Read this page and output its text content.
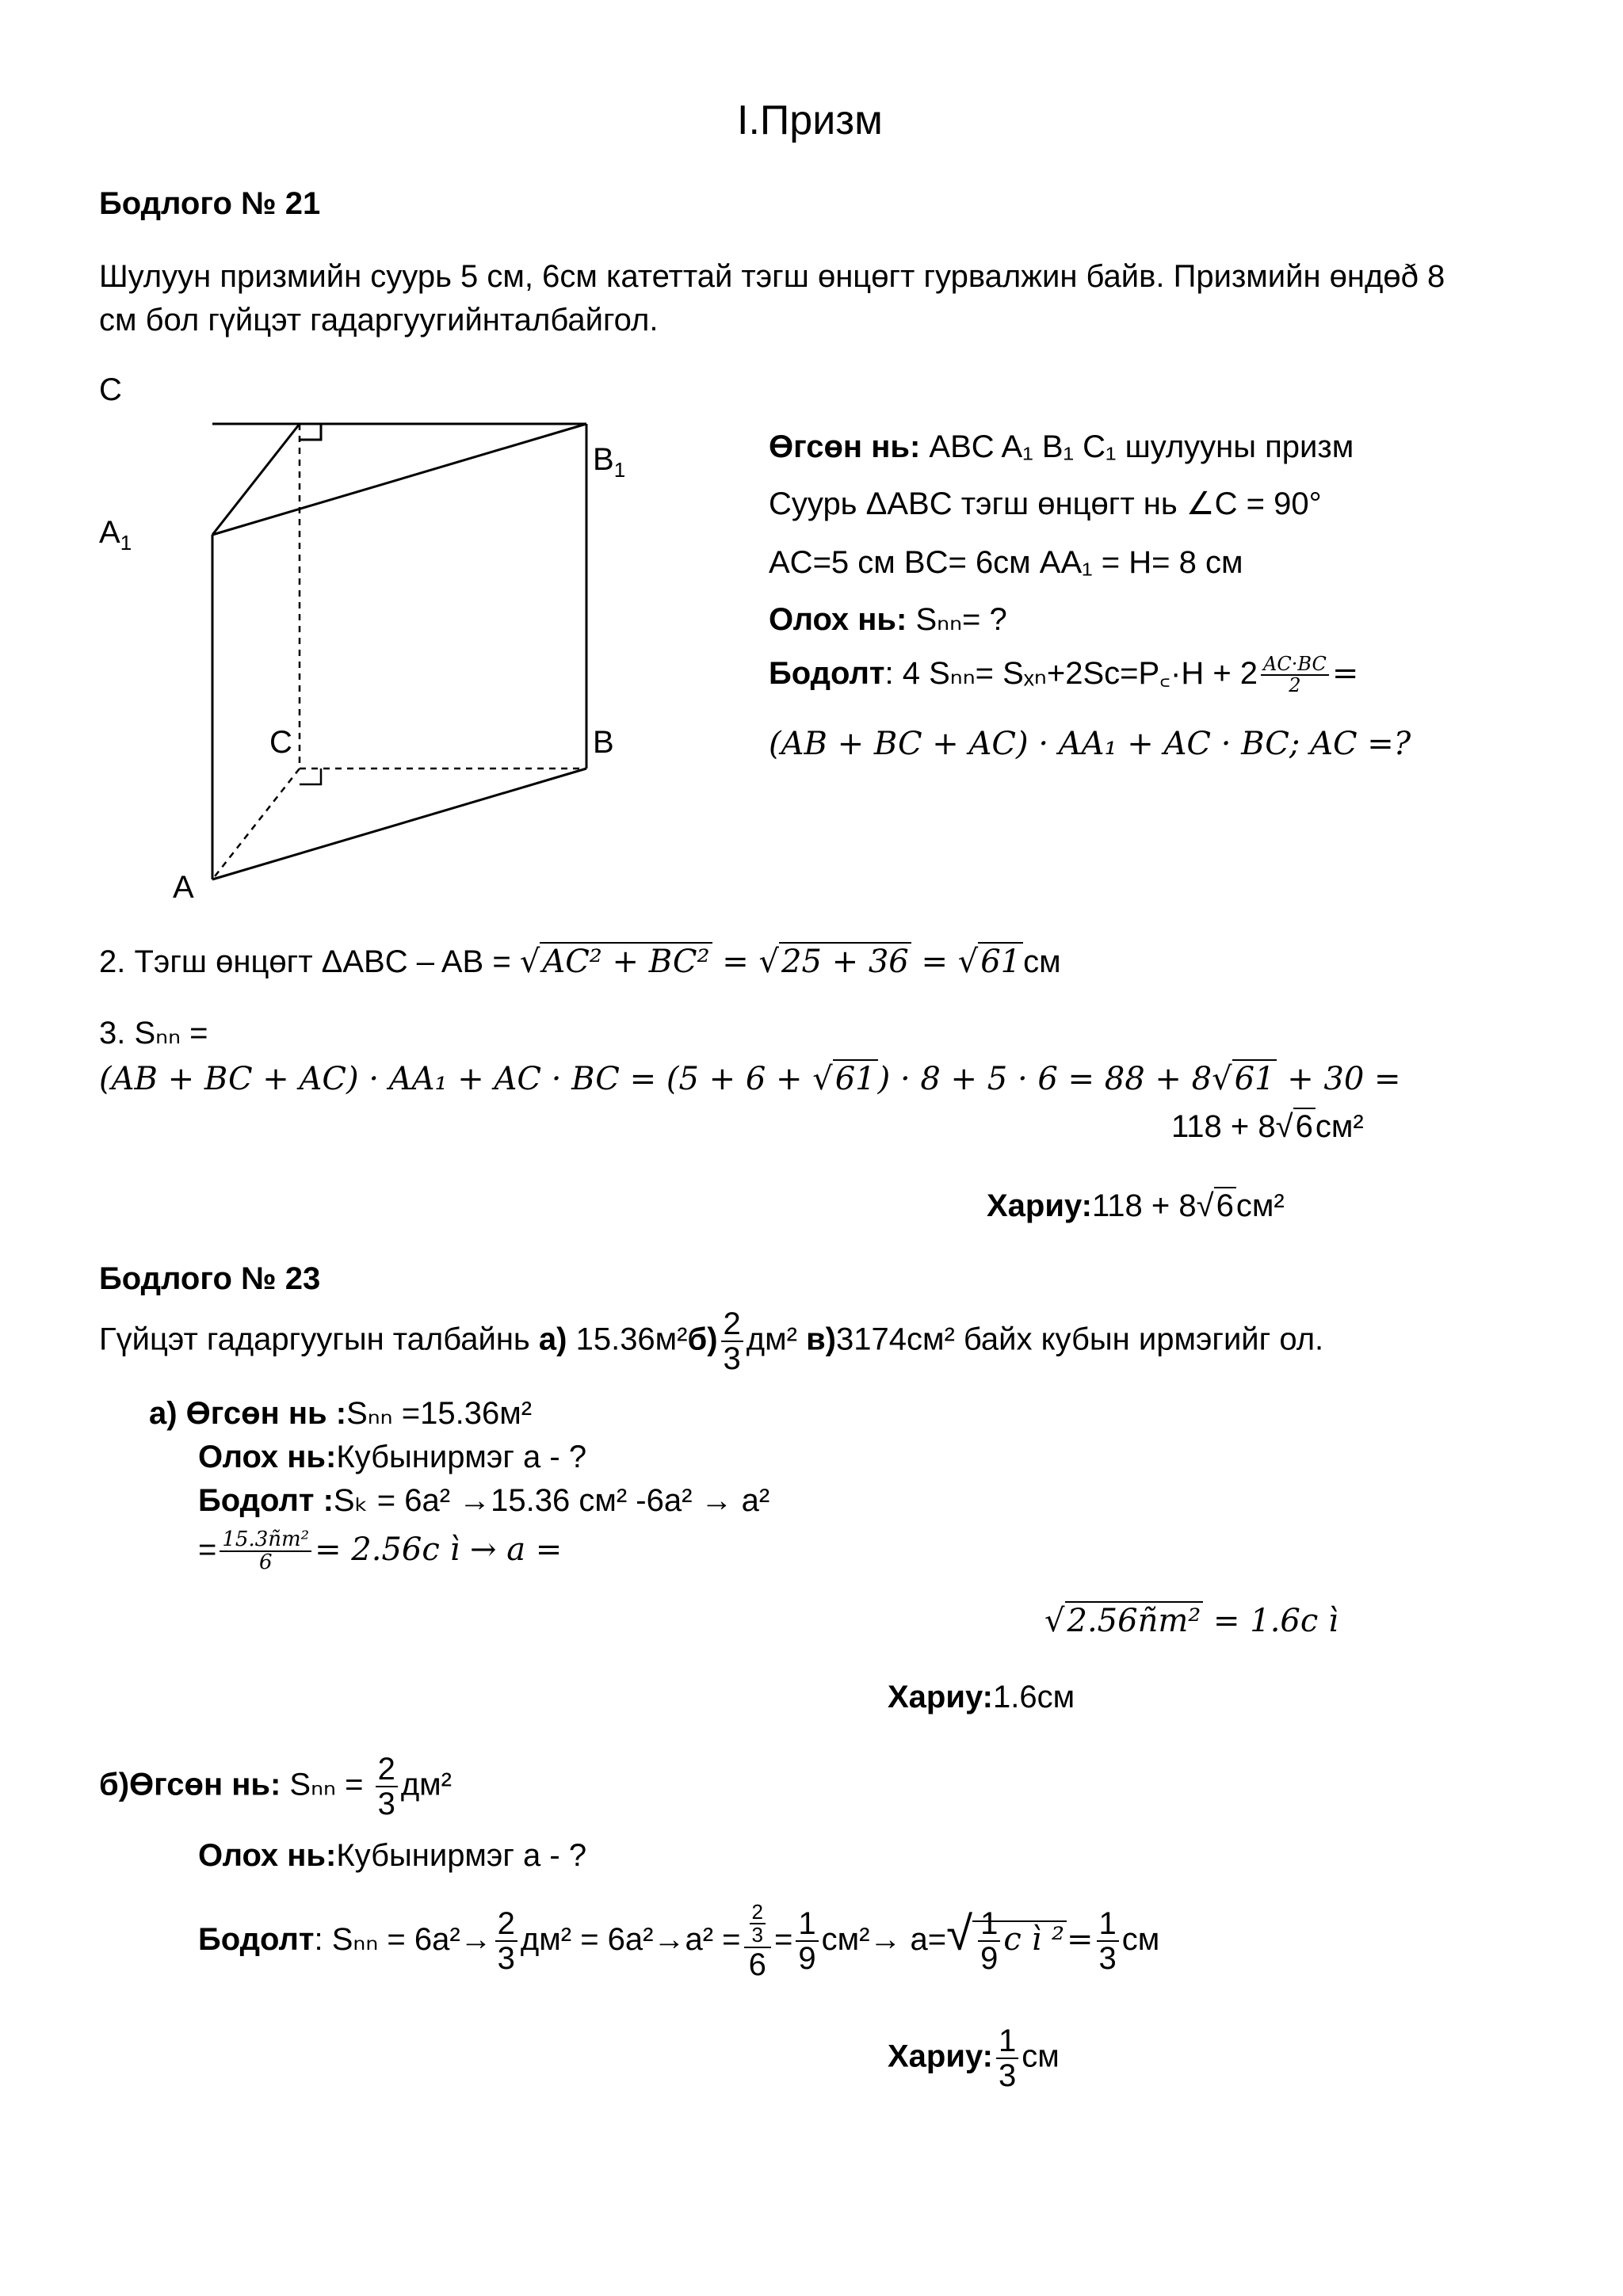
I.Призм
Бодлого № 21
Шулуун призмийн суурь 5 см, 6см катеттай тэгш өнцөгт гурвалжин байв. Призмийн өндөð 8
см бол гүйцэт гадаргуугийнталбайгол.
C
$A_1$
$B_1$
C	B
A
Өгсөн нь: ABC A₁ B₁ C₁ шулууны призм
Суурь ΔABC тэгш өнцөгт нь ∠C = 90°
AC=5 см BC= 6см AA₁ = H= 8 см
Олох нь: Sₙₙ= ?
Бодолт: 4 Sₙₙ= Sₓₙ+2Sc=P꜀·H + $2 \frac{AC\cdot BC}{2}$ =
(AB + BC + AC) · AA₁ + AC · BC; AC =?
2. Тэгш өнцөгт ΔABC – AB = √AC² + BC² = √25 + 36 = √61см
3. Sₙₙ =
(AB + BC + AC) · AA₁ + AC · BC = (5 + 6 + √61) · 8 + 5 · 6 = 88 + 8√61 + 30 =
118 + 8√6см²
Хариу:118 + 8√6см²
Бодлого № 23
Гүйцэт гадаргуугын талбайнь а) $15.36м^2б) \frac{2}{3} дм^2$ в)3174см² байх кубын ирмэгийг ол.
а) Өгсөн нь :Sₙₙ =15.36м²
Олох нь:Кубынирмэг а - ?
Бодолт :Sₖ = 6a² →15.36 см² -6a² → a²
= $\frac{\text{15.3ñm²}}{6} = 2.56с$ ì → a =
√2.56ñm² = 1.6с ì
Хариу:1.6см
б)Өгсөн нь: $S_{nn} = \frac{2}{3} дм^2$
Олох нь:Кубынирмэг а - ?
Бодолт: $S_{nn} = 6a^2\to \frac{2}{3} дм^2 = 6a^2\to a^2 = \frac{\frac{2}{3}}{6} = \frac{1}{9} см^2\to a=√ \frac{1}{9}$ с ì $^2= \frac{1}{3}$ см
Хариу: $\frac{1}{3}$ см
